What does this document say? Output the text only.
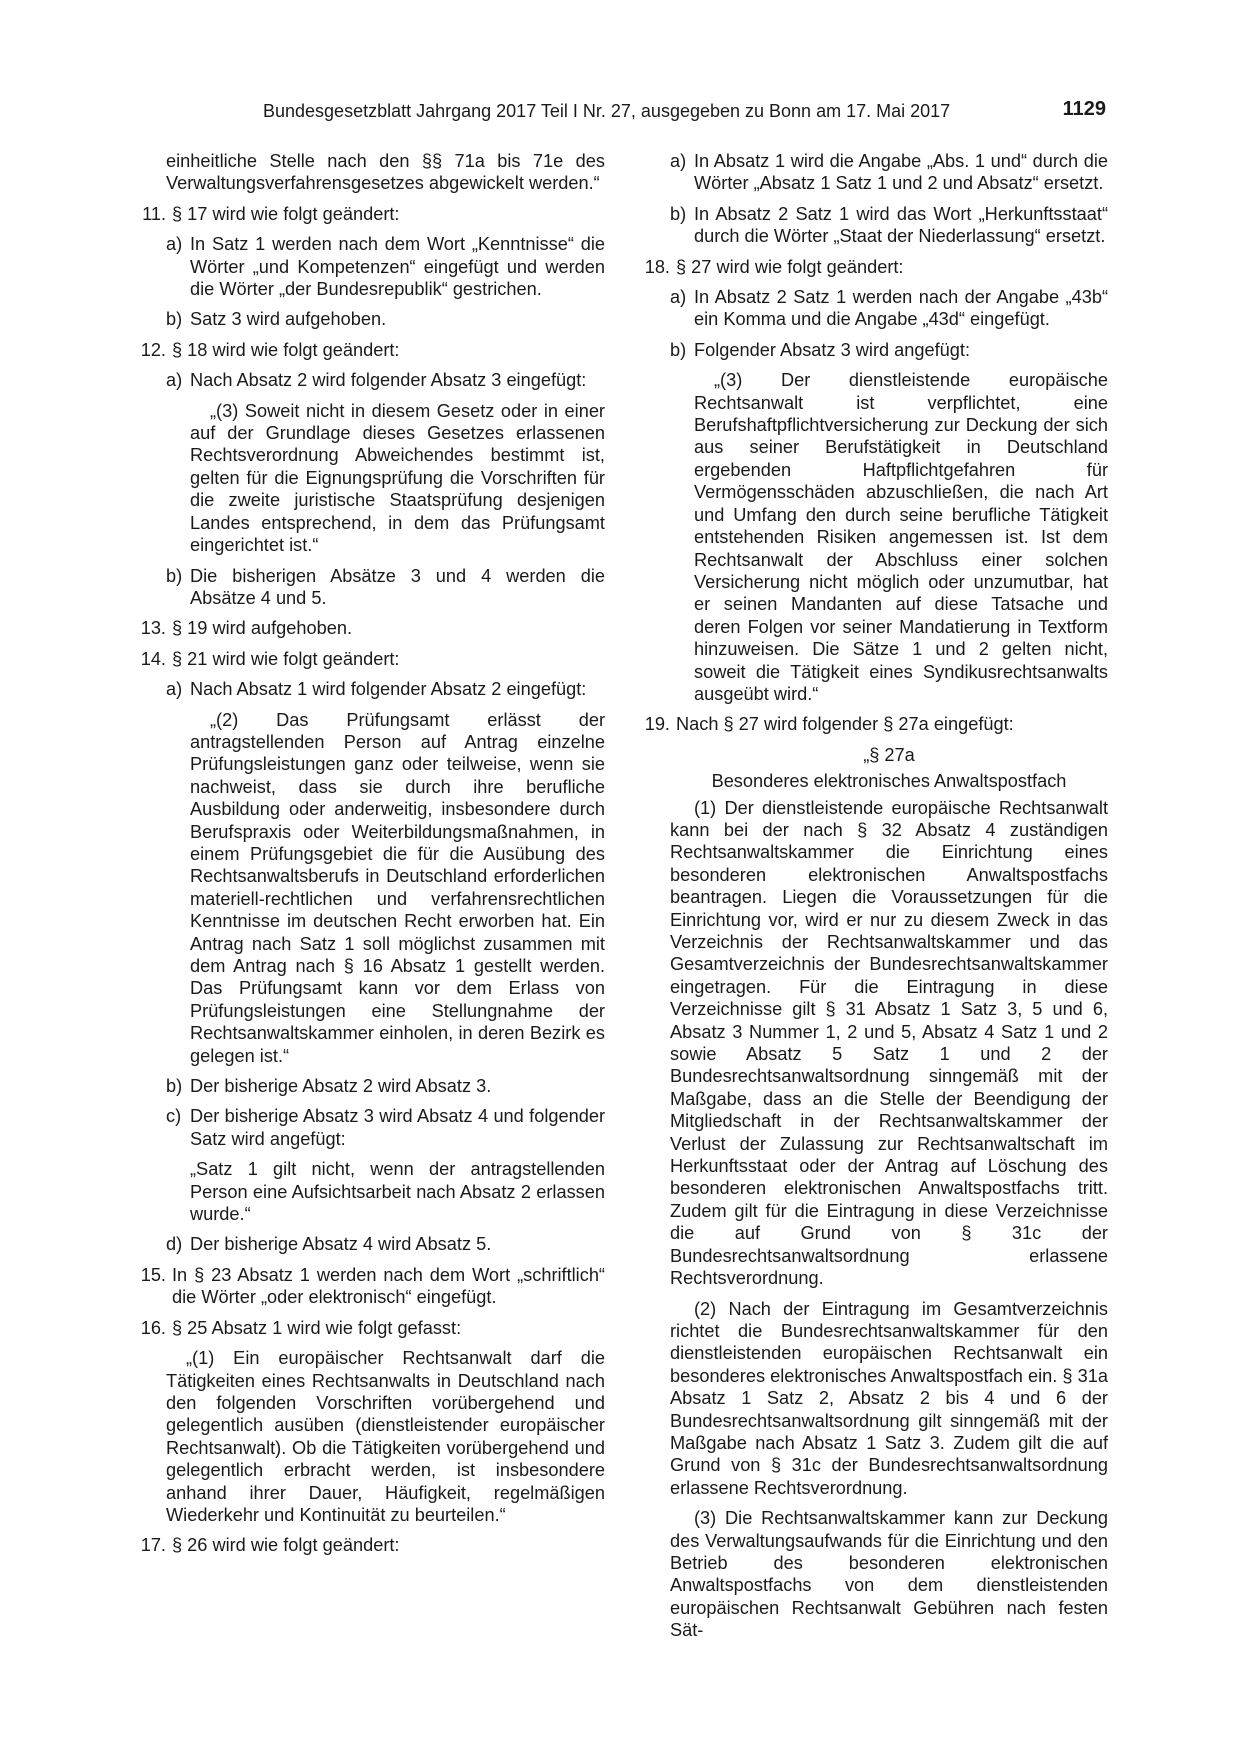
Bundesgesetzblatt Jahrgang 2017 Teil I Nr. 27, ausgegeben zu Bonn am 17. Mai 2017	1129

einheitliche Stelle nach den §§ 71a bis 71e des Verwaltungsverfahrensgesetzes abgewickelt werden.“

11. § 17 wird wie folgt geändert:
a) In Satz 1 werden nach dem Wort „Kenntnisse“ die Wörter „und Kompetenzen“ eingefügt und werden die Wörter „der Bundesrepublik“ gestrichen.
b) Satz 3 wird aufgehoben.
12. § 18 wird wie folgt geändert:
a) Nach Absatz 2 wird folgender Absatz 3 eingefügt:

„(3) Soweit nicht in diesem Gesetz oder in einer auf der Grundlage dieses Gesetzes erlassenen Rechtsverordnung Abweichendes bestimmt ist, gelten für die Eignungsprüfung die Vorschriften für die zweite juristische Staatsprüfung desjenigen Landes entsprechend, in dem das Prüfungsamt eingerichtet ist.“

b) Die bisherigen Absätze 3 und 4 werden die Absätze 4 und 5.
13. § 19 wird aufgehoben.
14. § 21 wird wie folgt geändert:
a) Nach Absatz 1 wird folgender Absatz 2 eingefügt:

„(2) Das Prüfungsamt erlässt der antragstellenden Person auf Antrag einzelne Prüfungsleistungen ganz oder teilweise, wenn sie nachweist, dass sie durch ihre berufliche Ausbildung oder anderweitig, insbesondere durch Berufspraxis oder Weiterbildungsmaßnahmen, in einem Prüfungsgebiet die für die Ausübung des Rechtsanwaltsberufs in Deutschland erforderlichen materiell-rechtlichen und verfahrensrechtlichen Kenntnisse im deutschen Recht erworben hat. Ein Antrag nach Satz 1 soll möglichst zusammen mit dem Antrag nach § 16 Absatz 1 gestellt werden. Das Prüfungsamt kann vor dem Erlass von Prüfungsleistungen eine Stellungnahme der Rechtsanwaltskammer einholen, in deren Bezirk es gelegen ist.“

b) Der bisherige Absatz 2 wird Absatz 3.
c) Der bisherige Absatz 3 wird Absatz 4 und folgender Satz wird angefügt:

„Satz 1 gilt nicht, wenn der antragstellenden Person eine Aufsichtsarbeit nach Absatz 2 erlassen wurde.“

d) Der bisherige Absatz 4 wird Absatz 5.
15. In § 23 Absatz 1 werden nach dem Wort „schriftlich“ die Wörter „oder elektronisch“ eingefügt.
16. § 25 Absatz 1 wird wie folgt gefasst:

„(1) Ein europäischer Rechtsanwalt darf die Tätigkeiten eines Rechtsanwalts in Deutschland nach den folgenden Vorschriften vorübergehend und gelegentlich ausüben (dienstleistender europäischer Rechtsanwalt). Ob die Tätigkeiten vorübergehend und gelegentlich erbracht werden, ist insbesondere anhand ihrer Dauer, Häufigkeit, regelmäßigen Wiederkehr und Kontinuität zu beurteilen.“

17. § 26 wird wie folgt geändert:
a) In Absatz 1 wird die Angabe „Abs. 1 und“ durch die Wörter „Absatz 1 Satz 1 und 2 und Absatz“ ersetzt.
b) In Absatz 2 Satz 1 wird das Wort „Herkunftsstaat“ durch die Wörter „Staat der Niederlassung“ ersetzt.
18. § 27 wird wie folgt geändert:
a) In Absatz 2 Satz 1 werden nach der Angabe „43b“ ein Komma und die Angabe „43d“ eingefügt.
b) Folgender Absatz 3 wird angefügt:

„(3) Der dienstleistende europäische Rechtsanwalt ist verpflichtet, eine Berufshaftpflichtversicherung zur Deckung der sich aus seiner Berufstätigkeit in Deutschland ergebenden Haftpflichtgefahren für Vermögensschäden abzuschließen, die nach Art und Umfang den durch seine berufliche Tätigkeit entstehenden Risiken angemessen ist. Ist dem Rechtsanwalt der Abschluss einer solchen Versicherung nicht möglich oder unzumutbar, hat er seinen Mandanten auf diese Tatsache und deren Folgen vor seiner Mandatierung in Textform hinzuweisen. Die Sätze 1 und 2 gelten nicht, soweit die Tätigkeit eines Syndikusrechtsanwalts ausgeübt wird.“

19. Nach § 27 wird folgender § 27a eingefügt:

„§ 27a

Besonderes elektronisches Anwaltspostfach

(1) Der dienstleistende europäische Rechtsanwalt kann bei der nach § 32 Absatz 4 zuständigen Rechtsanwaltskammer die Einrichtung eines besonderen elektronischen Anwaltspostfachs beantragen. Liegen die Voraussetzungen für die Einrichtung vor, wird er nur zu diesem Zweck in das Verzeichnis der Rechtsanwaltskammer und das Gesamtverzeichnis der Bundesrechtsanwaltskammer eingetragen. Für die Eintragung in diese Verzeichnisse gilt § 31 Absatz 1 Satz 3, 5 und 6, Absatz 3 Nummer 1, 2 und 5, Absatz 4 Satz 1 und 2 sowie Absatz 5 Satz 1 und 2 der Bundesrechtsanwaltsordnung sinngemäß mit der Maßgabe, dass an die Stelle der Beendigung der Mitgliedschaft in der Rechtsanwaltskammer der Verlust der Zulassung zur Rechtsanwaltschaft im Herkunftsstaat oder der Antrag auf Löschung des besonderen elektronischen Anwaltspostfachs tritt. Zudem gilt für die Eintragung in diese Verzeichnisse die auf Grund von § 31c der Bundesrechtsanwaltsordnung erlassene Rechtsverordnung.

(2) Nach der Eintragung im Gesamtverzeichnis richtet die Bundesrechtsanwaltskammer für den dienstleistenden europäischen Rechtsanwalt ein besonderes elektronisches Anwaltspostfach ein. § 31a Absatz 1 Satz 2, Absatz 2 bis 4 und 6 der Bundesrechtsanwaltsordnung gilt sinngemäß mit der Maßgabe nach Absatz 1 Satz 3. Zudem gilt die auf Grund von § 31c der Bundesrechtsanwaltsordnung erlassene Rechtsverordnung.

(3) Die Rechtsanwaltskammer kann zur Deckung des Verwaltungsaufwands für die Einrichtung und den Betrieb des besonderen elektronischen Anwaltspostfachs von dem dienstleistenden europäischen Rechtsanwalt Gebühren nach festen Sät-
